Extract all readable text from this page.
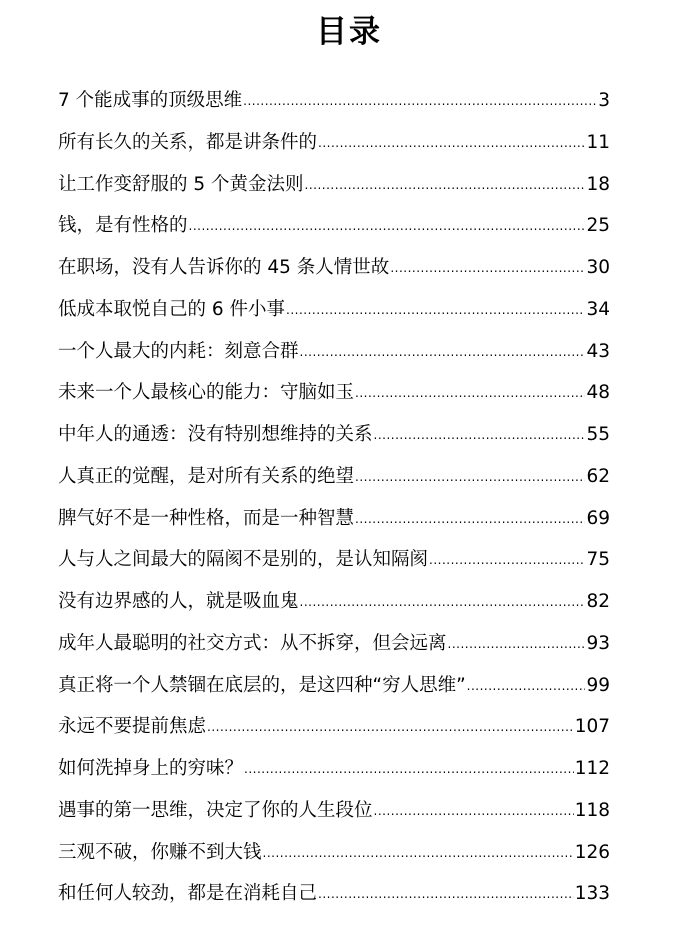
目录
7 个能成事的顶级思维 .....	3
所有长久的关系，都是讲条件的 .....	11
让工作变舒服的 5 个黄金法则 .....	18
钱，是有性格的 .....	25
在职场，没有人告诉你的 45 条人情世故 .....	30
低成本取悦自己的 6 件小事 .....	34
一个人最大的内耗：刻意合群 .....	43
未来一个人最核心的能力：守脑如玉 .....	48
中年人的通透：没有特别想维持的关系 .....	55
人真正的觉醒，是对所有关系的绝望 .....	62
脾气好不是一种性格，而是一种智慧 .....	69
人与人之间最大的隔阂不是别的，是认知隔阂 .....	75
没有边界感的人，就是吸血鬼 .....	82
成年人最聪明的社交方式：从不拆穿，但会远离 .....	93
真正将一个人禁锢在底层的，是这四种“穷人思维” .....	99
永远不要提前焦虑 .....	107
如何洗掉身上的穷味？ .....	112
遇事的第一思维，决定了你的人生段位 .....	118
三观不破，你赚不到大钱 .....	126
和任何人较劲，都是在消耗自己 .....	133
